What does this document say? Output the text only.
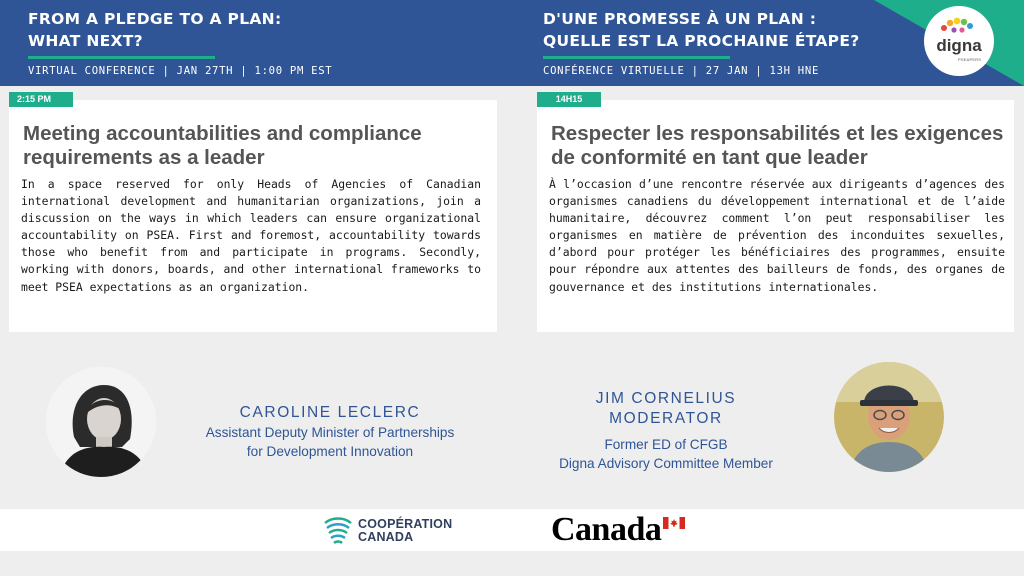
FROM A PLEDGE TO A PLAN:
WHAT NEXT?
VIRTUAL CONFERENCE | JAN 27TH | 1:00 PM EST
D'UNE PROMESSE À UN PLAN :
QUELLE EST LA PROCHAINE ÉTAPE?
CONFÉRENCE VIRTUELLE | 27 JAN | 13H HNE
digna
PSEAPERS
2:15 PM
Meeting accountabilities and compliance requirements as a leader
In a space reserved for only Heads of Agencies of Canadian international development and humanitarian organizations, join a discussion on the ways in which leaders can ensure organizational accountability on PSEA. First and foremost, accountability towards those who benefit from and participate in programs. Secondly, working with donors, boards, and other international frameworks to meet PSEA expectations as an organization.
14H15
Respecter les responsabilités et les exigences de conformité en tant que leader
À l’occasion d’une rencontre réservée aux dirigeants d’agences des organismes canadiens du développement international et de l’aide humanitaire, découvrez comment l’on peut responsabiliser les organismes en matière de prévention des inconduites sexuelles, d’abord pour protéger les bénéficiaires des programmes, ensuite pour répondre aux attentes des bailleurs de fonds, des organes de gouvernance et des institutions internationales.
CAROLINE LECLERC
Assistant Deputy Minister of Partnerships
for Development Innovation
JIM CORNELIUS
MODERATOR
Former ED of CFGB
Digna Advisory Committee Member
COOPÉRATION
CANADA	Canada
